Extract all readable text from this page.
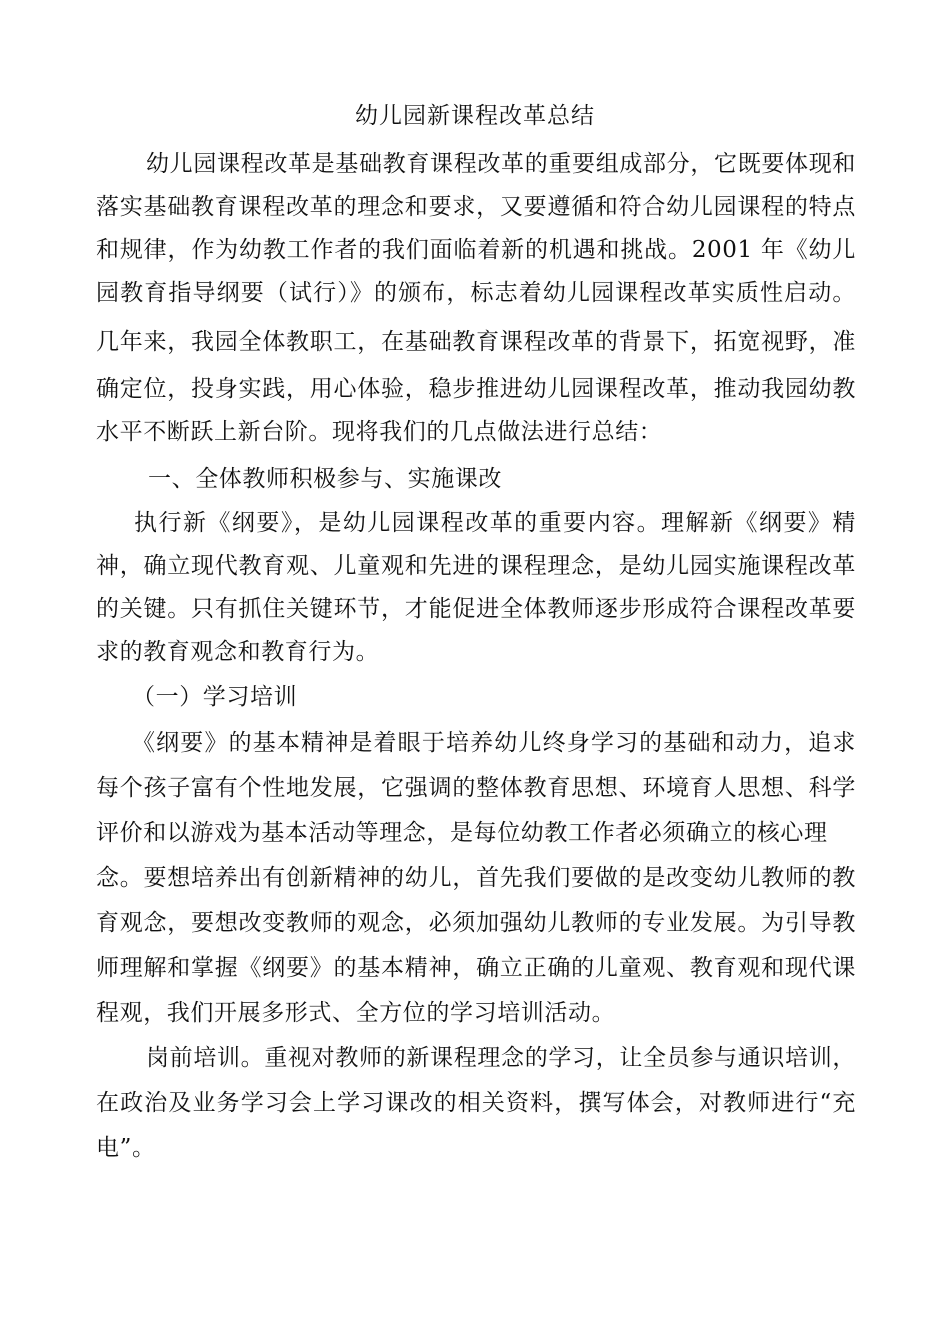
幼儿园新课程改革总结

幼儿园课程改革是基础教育课程改革的重要组成部分，它既要体现和

落实基础教育课程改革的理念和要求，又要遵循和符合幼儿园课程的特点

和规律，作为幼教工作者的我们面临着新的机遇和挑战。2001 年《幼儿

园教育指导纲要（试行）》的颁布，标志着幼儿园课程改革实质性启动。

几年来，我园全体教职工，在基础教育课程改革的背景下，拓宽视野，准

确定位，投身实践，用心体验，稳步推进幼儿园课程改革，推动我园幼教

水平不断跃上新台阶。现将我们的几点做法进行总结：

一、全体教师积极参与、实施课改

执行新《纲要》，是幼儿园课程改革的重要内容。理解新《纲要》精

神，确立现代教育观、儿童观和先进的课程理念，是幼儿园实施课程改革

的关键。只有抓住关键环节，才能促进全体教师逐步形成符合课程改革要

求的教育观念和教育行为。

（一）学习培训

《纲要》的基本精神是着眼于培养幼儿终身学习的基础和动力，追求

每个孩子富有个性地发展，它强调的整体教育思想、环境育人思想、科学

评价和以游戏为基本活动等理念，是每位幼教工作者必须确立的核心理

念。要想培养出有创新精神的幼儿，首先我们要做的是改变幼儿教师的教

育观念，要想改变教师的观念，必须加强幼儿教师的专业发展。为引导教

师理解和掌握《纲要》的基本精神，确立正确的儿童观、教育观和现代课

程观，我们开展多形式、全方位的学习培训活动。

岗前培训。重视对教师的新课程理念的学习，让全员参与通识培训，

在政治及业务学习会上学习课改的相关资料，撰写体会，对教师进行“充

电”。
